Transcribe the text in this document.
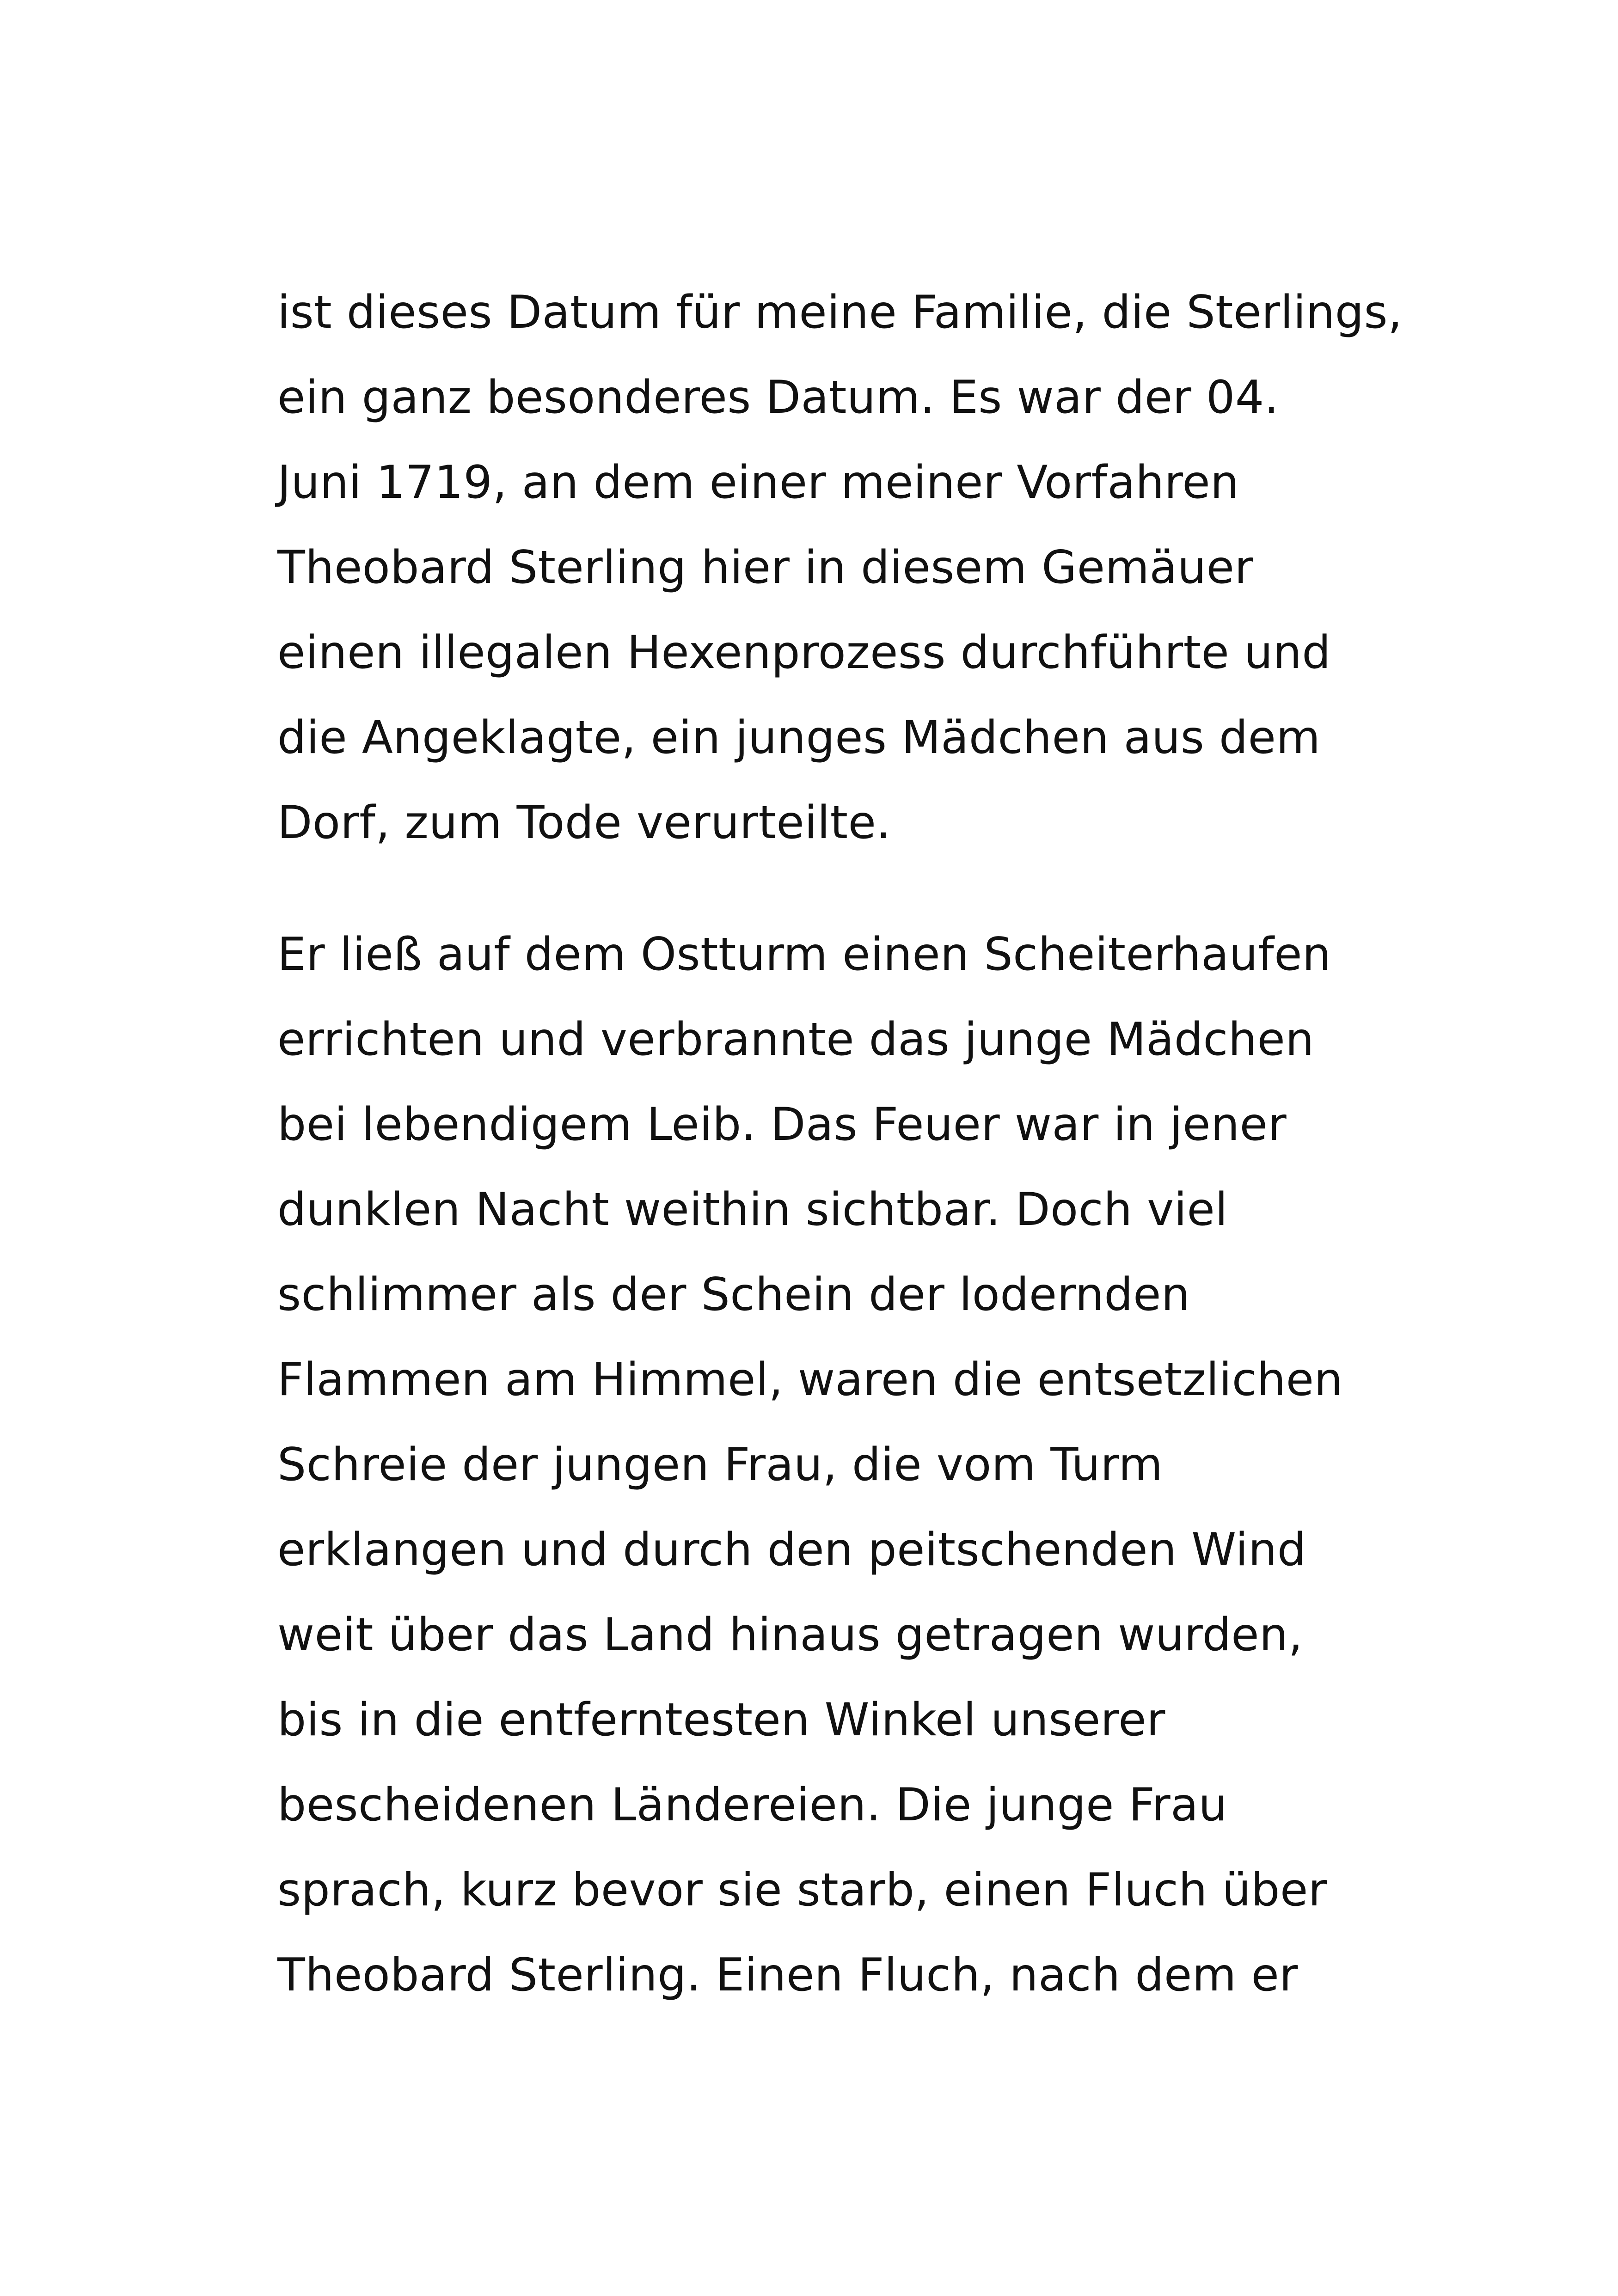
ist dieses Datum für meine Familie, die Sterlings,
ein ganz besonderes Datum. Es war der 04.
Juni 1719, an dem einer meiner Vorfahren
Theobard Sterling hier in diesem Gemäuer
einen illegalen Hexenprozess durchführte und
die Angeklagte, ein junges Mädchen aus dem
Dorf, zum Tode verurteilte.
Er ließ auf dem Ostturm einen Scheiterhaufen
errichten und verbrannte das junge Mädchen
bei lebendigem Leib. Das Feuer war in jener
dunklen Nacht weithin sichtbar. Doch viel
schlimmer als der Schein der lodernden
Flammen am Himmel, waren die entsetzlichen
Schreie der jungen Frau, die vom Turm
erklangen und durch den peitschenden Wind
weit über das Land hinaus getragen wurden,
bis in die entferntesten Winkel unserer
bescheidenen Ländereien. Die junge Frau
sprach, kurz bevor sie starb, einen Fluch über
Theobard Sterling. Einen Fluch, nach dem er
